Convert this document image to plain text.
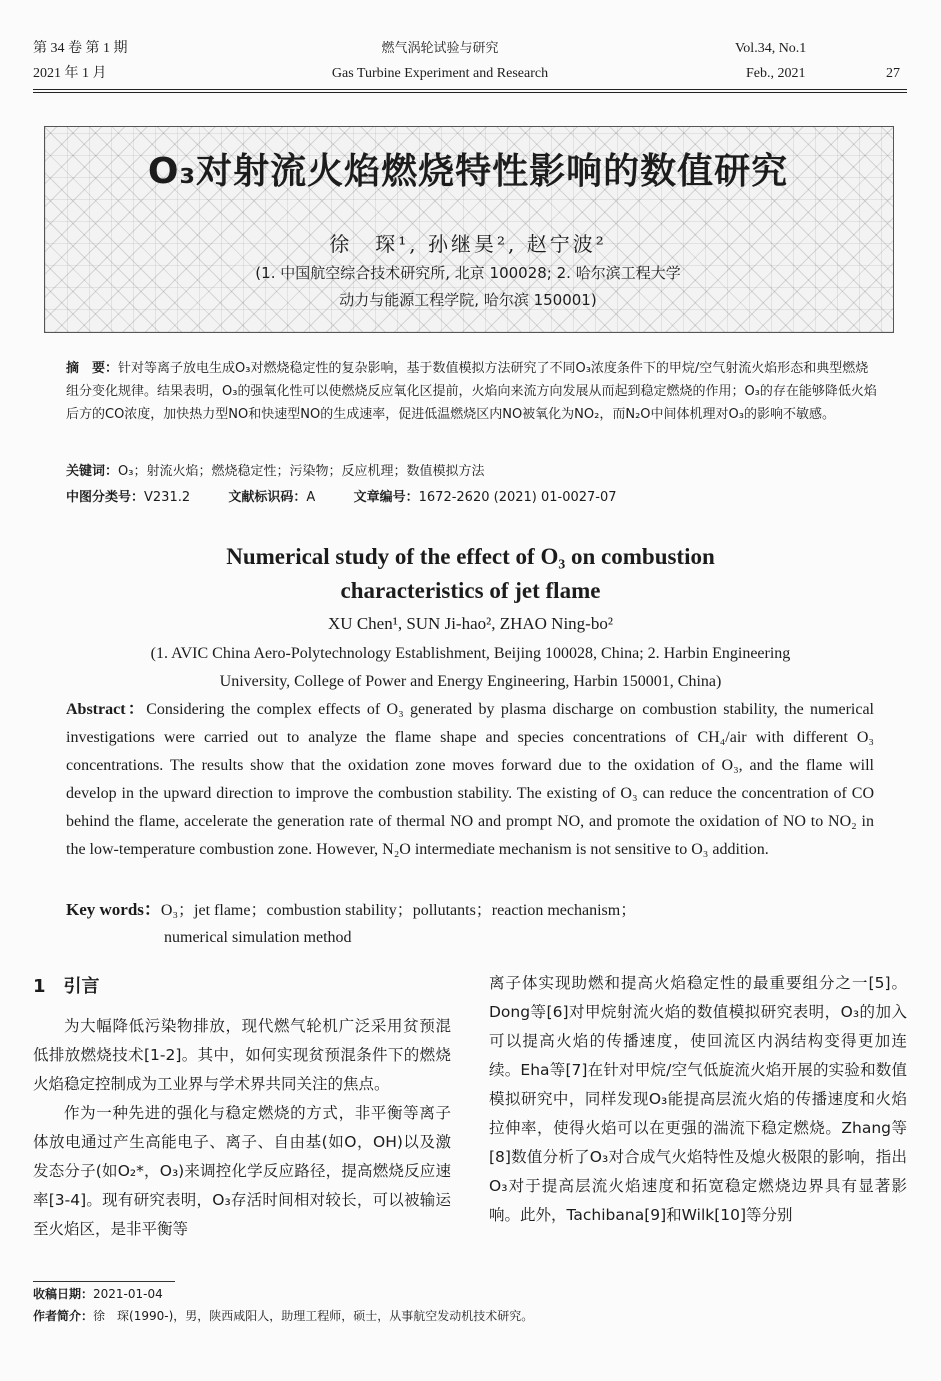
第 34 卷 第 1 期
2021 年 1 月
燃气涡轮试验与研究
Gas Turbine Experiment and Research
Vol.34, No.1
Feb., 2021	27
O₃对射流火焰燃烧特性影响的数值研究
徐　琛¹, 孙继昊², 赵宁波²
(1. 中国航空综合技术研究所, 北京 100028; 2. 哈尔滨工程大学
动力与能源工程学院, 哈尔滨 150001)
摘　要：针对等离子放电生成O₃对燃烧稳定性的复杂影响，基于数值模拟方法研究了不同O₃浓度条件下的甲烷/空气射流火焰形态和典型燃烧组分变化规律。结果表明，O₃的强氧化性可以使燃烧反应氧化区提前，火焰向来流方向发展从而起到稳定燃烧的作用；O₃的存在能够降低火焰后方的CO浓度，加快热力型NO和快速型NO的生成速率，促进低温燃烧区内NO被氧化为NO₂，而N₂O中间体机理对O₃的影响不敏感。
关键词：O₃；射流火焰；燃烧稳定性；污染物；反应机理；数值模拟方法
中图分类号：V231.2	文献标识码：A	文章编号：1672-2620 (2021) 01-0027-07
Numerical study of the effect of O₃ on combustion
characteristics of jet flame
XU Chen¹, SUN Ji-hao², ZHAO Ning-bo²
(1. AVIC China Aero-Polytechnology Establishment, Beijing 100028, China; 2. Harbin Engineering
University, College of Power and Energy Engineering, Harbin 150001, China)
Abstract：Considering the complex effects of O₃ generated by plasma discharge on combustion stability, the numerical investigations were carried out to analyze the flame shape and species concentrations of CH₄/air with different O₃ concentrations. The results show that the oxidation zone moves forward due to the oxidation of O₃, and the flame will develop in the upward direction to improve the combustion stability. The existing of O₃ can reduce the concentration of CO behind the flame, accelerate the generation rate of thermal NO and prompt NO, and promote the oxidation of NO to NO₂ in the low-temperature combustion zone. However, N₂O intermediate mechanism is not sensitive to O₃ addition.
Key words：O₃；jet flame；combustion stability；pollutants；reaction mechanism；
numerical simulation method
1　引言

为大幅降低污染物排放，现代燃气轮机广泛采用贫预混低排放燃烧技术[1-2]。其中，如何实现贫预混条件下的燃烧火焰稳定控制成为工业界与学术界共同关注的焦点。

作为一种先进的强化与稳定燃烧的方式，非平衡等离子体放电通过产生高能电子、离子、自由基(如O，OH)以及激发态分子(如O₂*，O₃)来调控化学反应路径，提高燃烧反应速率[3-4]。现有研究表明，O₃存活时间相对较长，可以被输运至火焰区，是非平衡等

离子体实现助燃和提高火焰稳定性的最重要组分之一[5]。Dong等[6]对甲烷射流火焰的数值模拟研究表明，O₃的加入可以提高火焰的传播速度，使回流区内涡结构变得更加连续。Eha等[7]在针对甲烷/空气低旋流火焰开展的实验和数值模拟研究中，同样发现O₃能提高层流火焰的传播速度和火焰拉伸率，使得火焰可以在更强的湍流下稳定燃烧。Zhang等[8]数值分析了O₃对合成气火焰特性及熄火极限的影响，指出O₃对于提高层流火焰速度和拓宽稳定燃烧边界具有显著影响。此外，Tachibana[9]和Wilk[10]等分别

收稿日期：2021-01-04
作者简介：徐　琛(1990-)，男，陕西咸阳人，助理工程师，硕士，从事航空发动机技术研究。
